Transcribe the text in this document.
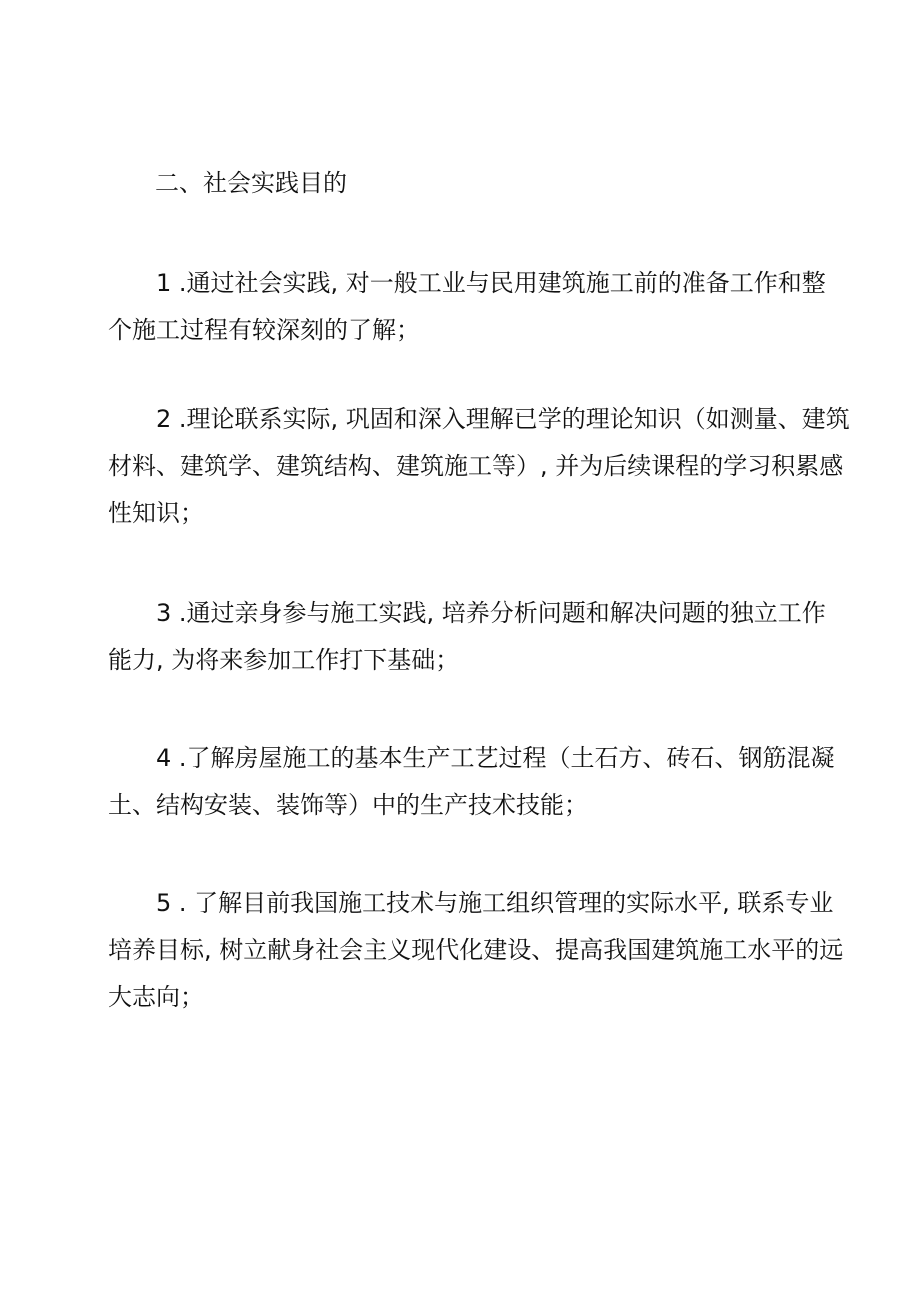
二、社会实践目的
1 .通过社会实践, 对一般工业与民用建筑施工前的准备工作和整
个施工过程有较深刻的了解；
2 .理论联系实际, 巩固和深入理解已学的理论知识（如测量、建筑
材料、建筑学、建筑结构、建筑施工等）, 并为后续课程的学习积累感
性知识；
3 .通过亲身参与施工实践, 培养分析问题和解决问题的独立工作
能力, 为将来参加工作打下基础；
4 .了解房屋施工的基本生产工艺过程（土石方、砖石、钢筋混凝
土、结构安装、装饰等）中的生产技术技能；
5 . 了解目前我国施工技术与施工组织管理的实际水平, 联系专业
培养目标, 树立献身社会主义现代化建设、提高我国建筑施工水平的远
大志向；
